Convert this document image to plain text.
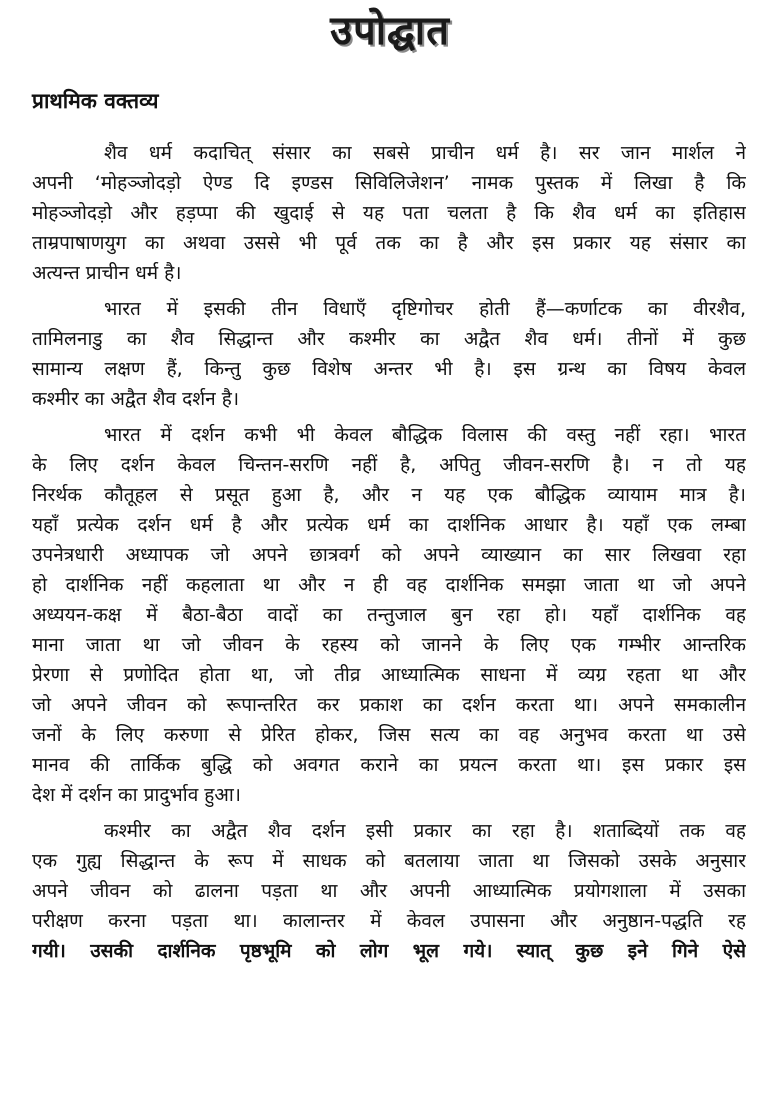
उपोद्घात
प्राथमिक वक्तव्य
शैव धर्म कदाचित् संसार का सबसे प्राचीन धर्म है। सर जान मार्शल ने
अपनी ‘मोहञ्जोदड़ो ऐण्ड दि इण्डस सिविलिजेशन’ नामक पुस्तक में लिखा है कि
मोहञ्जोदड़ो और हड़प्पा की खुदाई से यह पता चलता है कि शैव धर्म का इतिहास
ताम्रपाषाणयुग का अथवा उससे भी पूर्व तक का है और इस प्रकार यह संसार का
अत्यन्त प्राचीन धर्म है।
भारत में इसकी तीन विधाएँ दृष्टिगोचर होती हैं—कर्णाटक का वीरशैव,
तामिलनाडु का शैव सिद्धान्त और कश्मीर का अद्वैत शैव धर्म। तीनों में कुछ
सामान्य लक्षण हैं, किन्तु कुछ विशेष अन्तर भी है। इस ग्रन्थ का विषय केवल
कश्मीर का अद्वैत शैव दर्शन है।
भारत में दर्शन कभी भी केवल बौद्धिक विलास की वस्तु नहीं रहा। भारत
के लिए दर्शन केवल चिन्तन-सरणि नहीं है, अपितु जीवन-सरणि है। न तो यह
निरर्थक कौतूहल से प्रसूत हुआ है, और न यह एक बौद्धिक व्यायाम मात्र है।
यहाँ प्रत्येक दर्शन धर्म है और प्रत्येक धर्म का दार्शनिक आधार है। यहाँ एक लम्बा
उपनेत्रधारी अध्यापक जो अपने छात्रवर्ग को अपने व्याख्यान का सार लिखवा रहा
हो दार्शनिक नहीं कहलाता था और न ही वह दार्शनिक समझा जाता था जो अपने
अध्ययन-कक्ष में बैठा-बैठा वादों का तन्तुजाल बुन रहा हो। यहाँ दार्शनिक वह
माना जाता था जो जीवन के रहस्य को जानने के लिए एक गम्भीर आन्तरिक
प्रेरणा से प्रणोदित होता था, जो तीव्र आध्यात्मिक साधना में व्यग्र रहता था और
जो अपने जीवन को रूपान्तरित कर प्रकाश का दर्शन करता था। अपने समकालीन
जनों के लिए करुणा से प्रेरित होकर, जिस सत्य का वह अनुभव करता था उसे
मानव की तार्किक बुद्धि को अवगत कराने का प्रयत्न करता था। इस प्रकार इस
देश में दर्शन का प्रादुर्भाव हुआ।
कश्मीर का अद्वैत शैव दर्शन इसी प्रकार का रहा है। शताब्दियों तक वह
एक गुह्य सिद्धान्त के रूप में साधक को बतलाया जाता था जिसको उसके अनुसार
अपने जीवन को ढालना पड़ता था और अपनी आध्यात्मिक प्रयोगशाला में उसका
परीक्षण करना पड़ता था। कालान्तर में केवल उपासना और अनुष्ठान-पद्धति रह
गयी। उसकी दार्शनिक पृष्ठभूमि को लोग भूल गये। स्यात् कुछ इने गिने ऐसे
